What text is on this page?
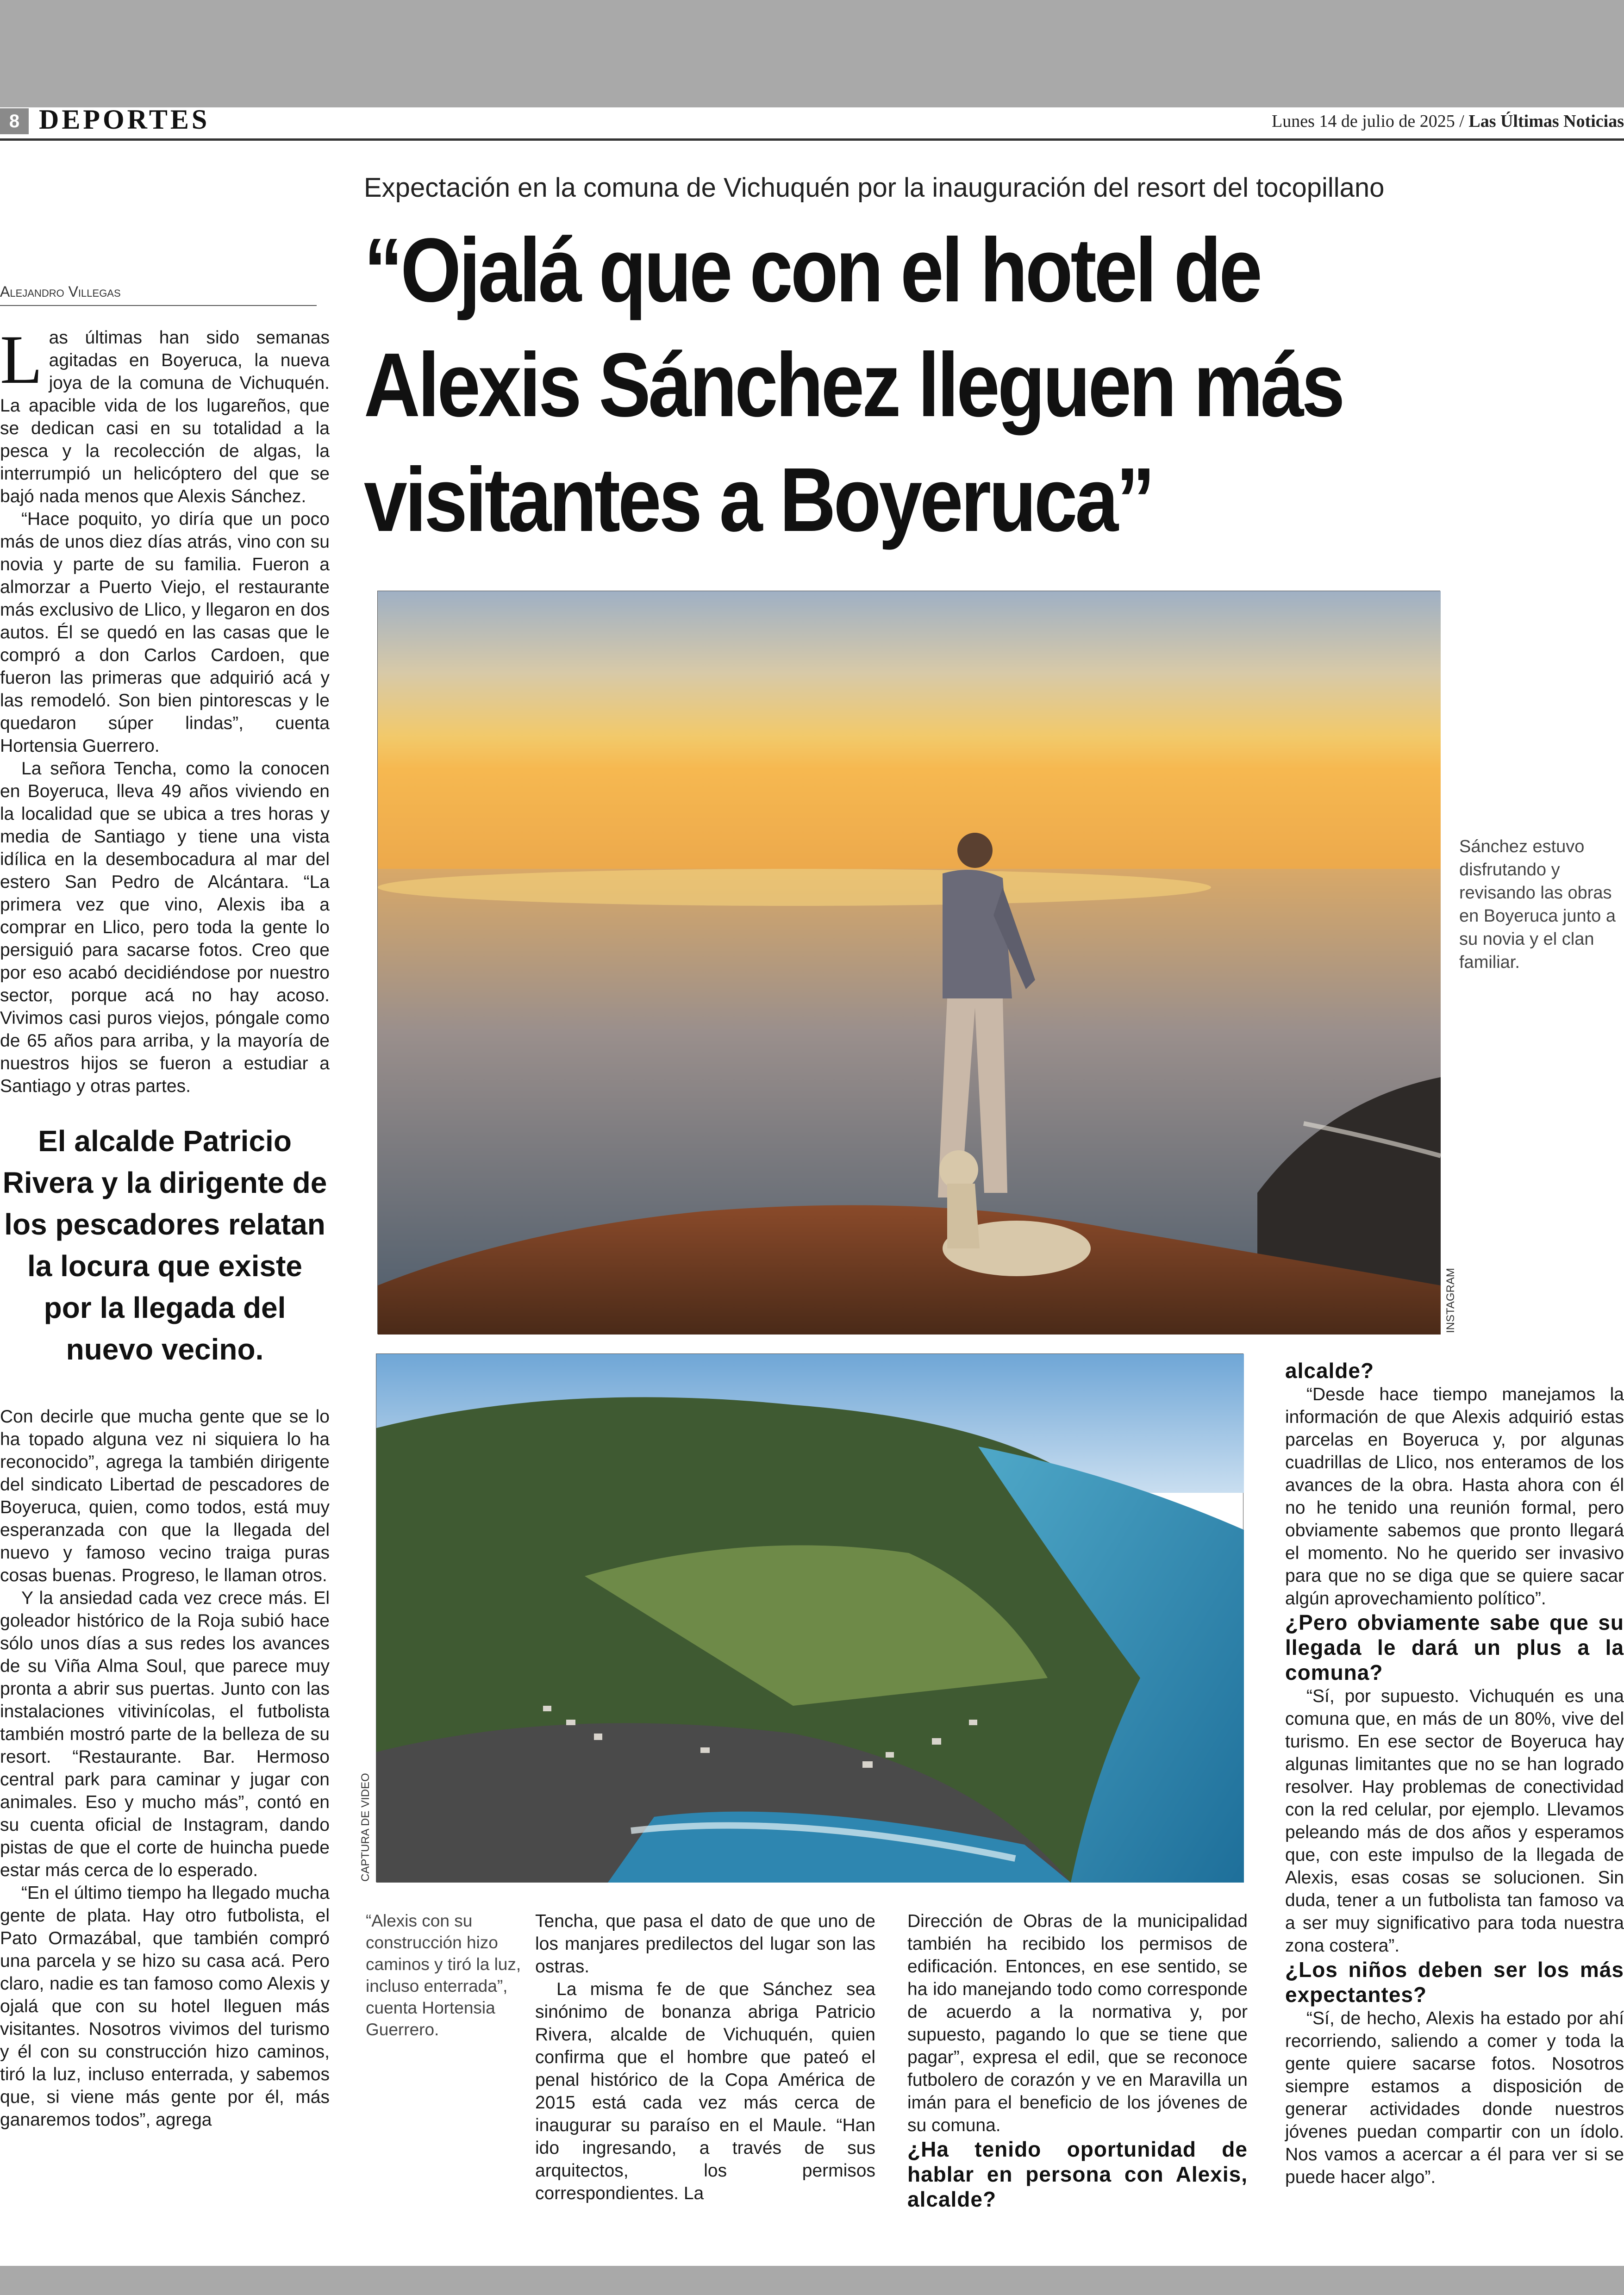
8 DEPORTES	Lunes 14 de julio de 2025 / Las Últimas Noticias
Expectación en la comuna de Vichuquén por la inauguración del resort del tocopillano
“Ojalá que con el hotel de
Alexis Sánchez lleguen más
visitantes a Boyeruca”
Alejandro Villegas

Las últimas han sido semanas agitadas en Boyeruca, la nueva joya de la comuna de Vichuquén. La apacible vida de los lugareños, que se dedican casi en su totalidad a la pesca y la recolección de algas, la interrumpió un helicóptero del que se bajó nada menos que Alexis Sánchez.

“Hace poquito, yo diría que un poco más de unos diez días atrás, vino con su novia y parte de su familia. Fueron a almorzar a Puerto Viejo, el restaurante más exclusivo de Llico, y llegaron en dos autos. Él se quedó en las casas que le compró a don Carlos Cardoen, que fueron las primeras que adquirió acá y las remodeló. Son bien pintorescas y le quedaron súper lindas”, cuenta Hortensia Guerrero.

La señora Tencha, como la conocen en Boyeruca, lleva 49 años viviendo en la localidad que se ubica a tres horas y media de Santiago y tiene una vista idílica en la desembocadura al mar del estero San Pedro de Alcántara. “La primera vez que vino, Alexis iba a comprar en Llico, pero toda la gente lo persiguió para sacarse fotos. Creo que por eso acabó decidiéndose por nuestro sector, porque acá no hay acoso. Vivimos casi puros viejos, póngale como de 65 años para arriba, y la mayoría de nuestros hijos se fueron a estudiar a Santiago y otras partes.

El alcalde Patricio Rivera y la dirigente de los pescadores relatan la locura que existe por la llegada del nuevo vecino.

Con decirle que mucha gente que se lo ha topado alguna vez ni siquiera lo ha reconocido”, agrega la también dirigente del sindicato Libertad de pescadores de Boyeruca, quien, como todos, está muy esperanzada con que la llegada del nuevo y famoso vecino traiga puras cosas buenas. Progreso, le llaman otros.

Y la ansiedad cada vez crece más. El goleador histórico de la Roja subió hace sólo unos días a sus redes los avances de su Viña Alma Soul, que parece muy pronta a abrir sus puertas. Junto con las instalaciones vitivinícolas, el futbolista también mostró parte de la belleza de su resort. “Restaurante. Bar. Hermoso central park para caminar y jugar con animales. Eso y mucho más”, contó en su cuenta oficial de Instagram, dando pistas de que el corte de huincha puede estar más cerca de lo esperado.

“En el último tiempo ha llegado mucha gente de plata. Hay otro futbolista, el Pato Ormazábal, que también compró una parcela y se hizo su casa acá. Pero claro, nadie es tan famoso como Alexis y ojalá que con su hotel lleguen más visitantes. Nosotros vivimos del turismo y él con su construcción hizo caminos, tiró la luz, incluso enterrada, y sabemos que, si viene más gente por él, más ganaremos todos”, agrega

INSTAGRAM
Sánchez estuvo disfrutando y revisando las obras en Boyeruca junto a su novia y el clan familiar.
CAPTURA DE VIDEO
“Alexis con su construcción hizo caminos y tiró la luz, incluso enterrada”, cuenta Hortensia Guerrero.

Tencha, que pasa el dato de que uno de los manjares predilectos del lugar son las ostras.

La misma fe de que Sánchez sea sinónimo de bonanza abriga Patricio Rivera, alcalde de Vichuquén, quien confirma que el hombre que pateó el penal histórico de la Copa América de 2015 está cada vez más cerca de inaugurar su paraíso en el Maule. “Han ido ingresando, a través de sus arquitectos, los permisos correspondientes. La

Dirección de Obras de la municipalidad también ha recibido los permisos de edificación. Entonces, en ese sentido, se ha ido manejando todo como corresponde de acuerdo a la normativa y, por supuesto, pagando lo que se tiene que pagar”, expresa el edil, que se reconoce futbolero de corazón y ve en Maravilla un imán para el beneficio de los jóvenes de su comuna.

¿Ha tenido oportunidad de hablar en persona con Alexis, alcalde?

alcalde?

“Desde hace tiempo manejamos la información de que Alexis adquirió estas parcelas en Boyeruca y, por algunas cuadrillas de Llico, nos enteramos de los avances de la obra. Hasta ahora con él no he tenido una reunión formal, pero obviamente sabemos que pronto llegará el momento. No he querido ser invasivo para que no se diga que se quiere sacar algún aprovechamiento político”.

¿Pero obviamente sabe que su llegada le dará un plus a la comuna?

“Sí, por supuesto. Vichuquén es una comuna que, en más de un 80%, vive del turismo. En ese sector de Boyeruca hay algunas limitantes que no se han logrado resolver. Hay problemas de conectividad con la red celular, por ejemplo. Llevamos peleando más de dos años y esperamos que, con este impulso de la llegada de Alexis, esas cosas se solucionen. Sin duda, tener a un futbolista tan famoso va a ser muy significativo para toda nuestra zona costera”.

¿Los niños deben ser los más expectantes?

“Sí, de hecho, Alexis ha estado por ahí recorriendo, saliendo a comer y toda la gente quiere sacarse fotos. Nosotros siempre estamos a disposición de generar actividades donde nuestros jóvenes puedan compartir con un ídolo. Nos vamos a acercar a él para ver si se puede hacer algo”.
